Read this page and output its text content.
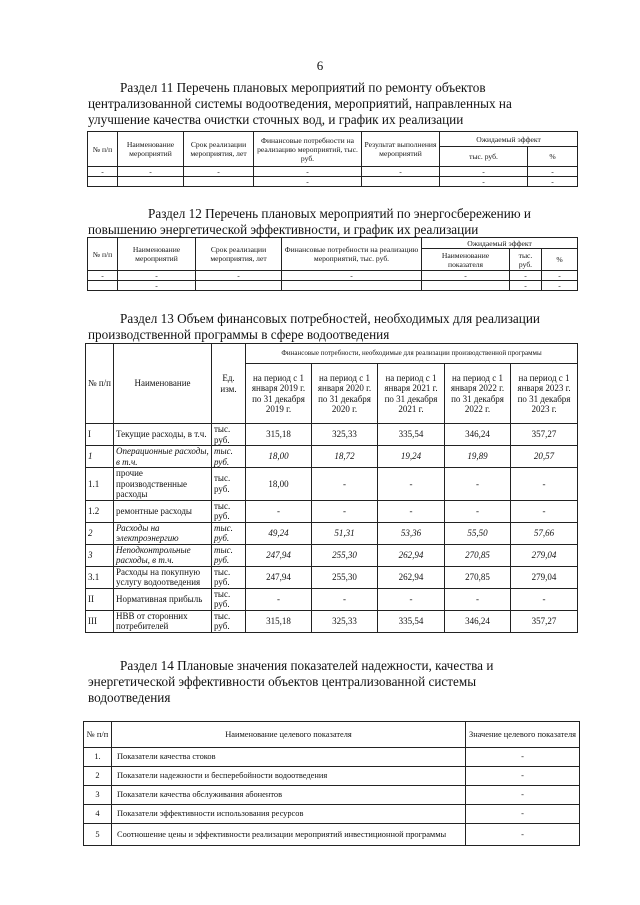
6
Раздел 11 Перечень плановых мероприятий по ремонту объектов
централизованной системы водоотведения, мероприятий, направленных на
улучшение качества очистки сточных вод, и график их реализации
№ п/п	Наименование мероприятий	Срок реализации мероприятия, лет	Финансовые потребности на реализацию мероприятий, тыс. руб.	Результат выполнения мероприятий	Ожидаемый эффект	
					тыс. руб.	%
-	-	-	-	-	-	-
			-		-	-
Раздел 12 Перечень плановых мероприятий по энергосбережению и
повышению энергетической эффективности, и график их реализации
№ п/п	Наименование мероприятий	Срок реализации мероприятия, лет	Финансовые потребности на реализацию мероприятий, тыс. руб.	Ожидаемый эффект		
				Наименование показателя	тыс. руб.	%
-	-	-	-	-	-	-
	-				-	-
Раздел 13 Объем финансовых потребностей, необходимых для реализации
производственной программы в сфере водоотведения
№ п/п	Наименование	Ед. изм.	Финансовые потребности, необходимые для реализации производственной программы				
			на период с 1 января 2019 г. по 31 декабря 2019 г.	на период с 1 января 2020 г. по 31 декабря 2020 г.	на период с 1 января 2021 г. по 31 декабря 2021 г.	на период с 1 января 2022 г. по 31 декабря 2022 г.	на период с 1 января 2023 г. по 31 декабря 2023 г.
I	Текущие расходы, в т.ч.	тыс. руб.	315,18	325,33	335,54	346,24	357,27
1	Операционные расходы, в т.ч.	тыс. руб.	18,00	18,72	19,24	19,89	20,57
1.1	прочие производственные расходы	тыс. руб.	18,00	-	-	-	-
1.2	ремонтные расходы	тыс. руб.	-	-	-	-	-
2	Расходы на электроэнергию	тыс. руб.	49,24	51,31	53,36	55,50	57,66
3	Неподконтрольные расходы, в т.ч.	тыс. руб.	247,94	255,30	262,94	270,85	279,04
3.1	Расходы на покупную услугу водоотведения	тыс. руб.	247,94	255,30	262,94	270,85	279,04
II	Нормативная прибыль	тыс. руб.	-	-	-	-	-
III	НВВ от сторонних потребителей	тыс. руб.	315,18	325,33	335,54	346,24	357,27
Раздел 14 Плановые значения показателей надежности, качества и
энергетической эффективности объектов централизованной системы
водоотведения
№ п/п	Наименование целевого показателя	Значение целевого показателя
1.	Показатели качества стоков	-
2	Показатели надежности и бесперебойности водоотведения	-
3	Показатели качества обслуживания абонентов	-
4	Показатели эффективности использования ресурсов	-
5	Соотношение цены и эффективности реализации мероприятий инвестиционной программы	-
